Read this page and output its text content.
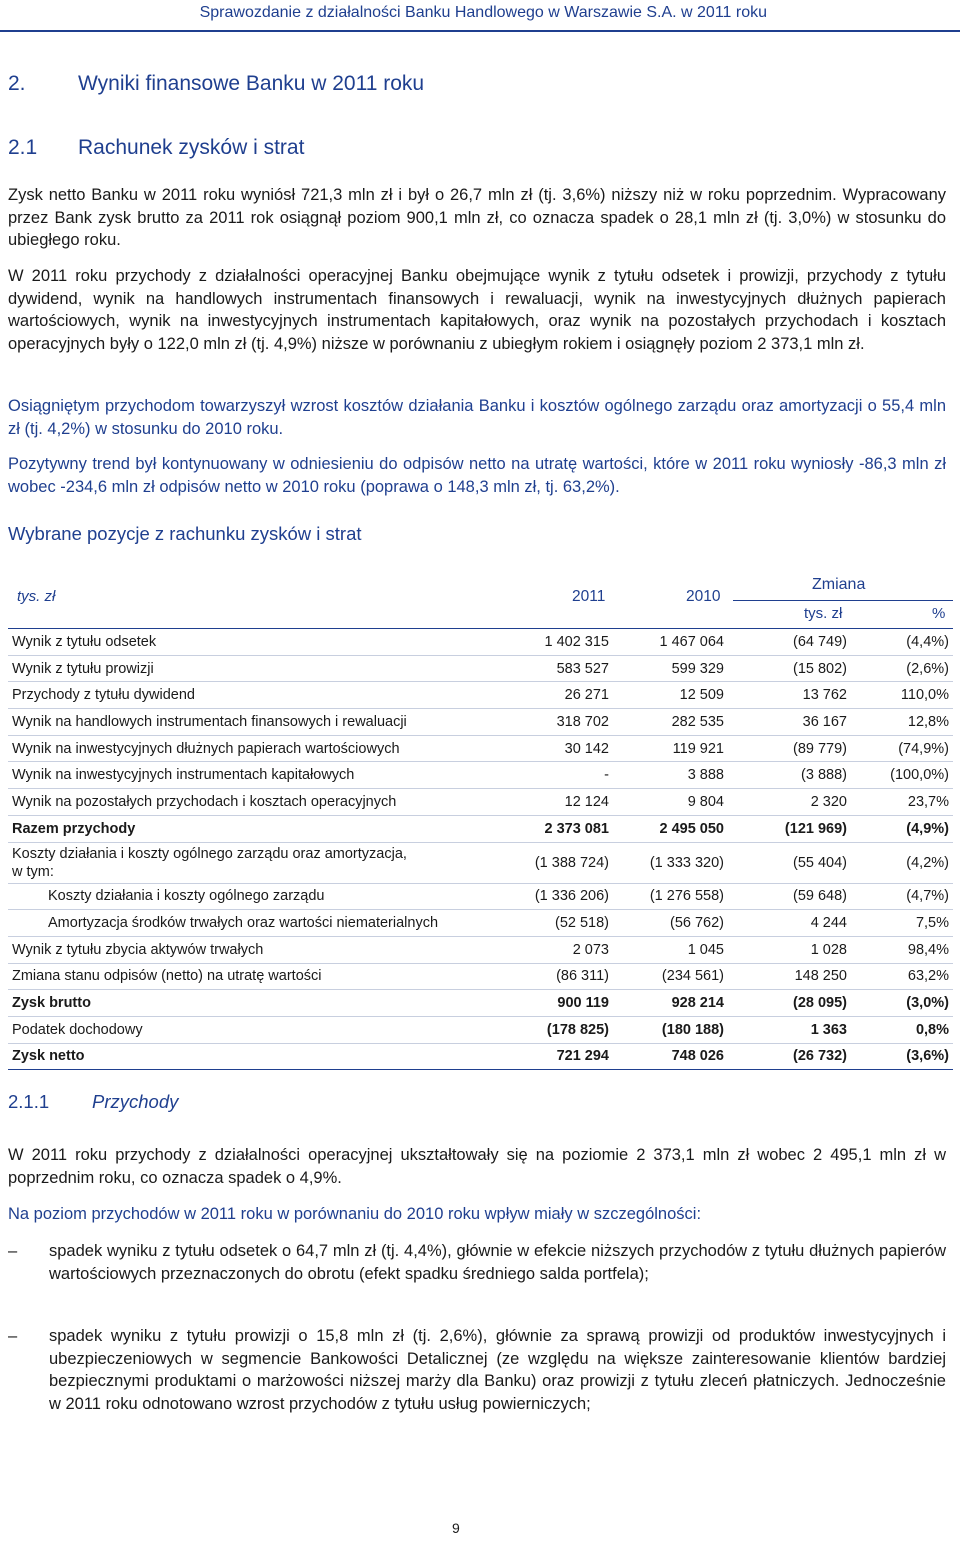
Sprawozdanie z działalności Banku Handlowego w Warszawie S.A. w 2011 roku
2. Wyniki finansowe Banku w 2011 roku
2.1 Rachunek zysków i strat

Zysk netto Banku w 2011 roku wyniósł 721,3 mln zł i był o 26,7 mln zł (tj. 3,6%) niższy niż w roku poprzednim. Wypracowany przez Bank zysk brutto za 2011 rok osiągnął poziom 900,1 mln zł, co oznacza spadek o 28,1 mln zł (tj. 3,0%) w stosunku do ubiegłego roku.

W 2011 roku przychody z działalności operacyjnej Banku obejmujące wynik z tytułu odsetek i prowizji, przychody z tytułu dywidend, wynik na handlowych instrumentach finansowych i rewaluacji, wynik na inwestycyjnych dłużnych papierach wartościowych, wynik na inwestycyjnych instrumentach kapitałowych, oraz wynik na pozostałych przychodach i kosztach operacyjnych były o 122,0 mln zł (tj. 4,9%) niższe w porównaniu z ubiegłym rokiem i osiągnęły poziom 2 373,1 mln zł.

Osiągniętym przychodom towarzyszył wzrost kosztów działania Banku i kosztów ogólnego zarządu oraz amortyzacji o 55,4 mln zł (tj. 4,2%) w stosunku do 2010 roku.

Pozytywny trend był kontynuowany w odniesieniu do odpisów netto na utratę wartości, które w 2011 roku wyniosły -86,3 mln zł wobec -234,6 mln zł odpisów netto w 2010 roku (poprawa o 148,3 mln zł, tj. 63,2%).

Wybrane pozycje z rachunku zysków i strat
tys. zł	2011	2010
Zmiana
tys. zł	%
Wynik z tytułu odsetek	1 402 315	1 467 064	(64 749)	(4,4%)
Wynik z tytułu prowizji	583 527	599 329	(15 802)	(2,6%)
Przychody z tytułu dywidend	26 271	12 509	13 762	110,0%
Wynik na handlowych instrumentach finansowych i rewaluacji	318 702	282 535	36 167	12,8%
Wynik na inwestycyjnych dłużnych papierach wartościowych	30 142	119 921	(89 779)	(74,9%)
Wynik na inwestycyjnych instrumentach kapitałowych	-	3 888	(3 888)	(100,0%)
Wynik na pozostałych przychodach i kosztach operacyjnych	12 124	9 804	2 320	23,7%
Razem przychody	2 373 081	2 495 050	(121 969)	(4,9%)

Koszty działania i koszty ogólnego zarządu oraz amortyzacja,
w tym:	(1 388 724)	(1 333 320)	(55 404)	(4,2%)
Koszty działania i koszty ogólnego zarządu	(1 336 206)	(1 276 558)	(59 648)	(4,7%)
Amortyzacja środków trwałych oraz wartości niematerialnych	(52 518)	(56 762)	4 244	7,5%
Wynik z tytułu zbycia aktywów trwałych	2 073	1 045	1 028	98,4%
Zmiana stanu odpisów (netto) na utratę wartości	(86 311)	(234 561)	148 250	63,2%
Zysk brutto	900 119	928 214	(28 095)	(3,0%)
Podatek dochodowy	(178 825)	(180 188)	1 363	0,8%
Zysk netto	721 294	748 026	(26 732)	(3,6%)
2.1.1 Przychody

W 2011 roku przychody z działalności operacyjnej ukształtowały się na poziomie 2 373,1 mln zł wobec 2 495,1 mln zł w poprzednim roku, co oznacza spadek o 4,9%.

Na poziom przychodów w 2011 roku w porównaniu do 2010 roku wpływ miały w szczególności:

– spadek wyniku z tytułu odsetek o 64,7 mln zł (tj. 4,4%), głównie w efekcie niższych przychodów z tytułu dłużnych papierów wartościowych przeznaczonych do obrotu (efekt spadku średniego salda portfela);
– spadek wyniku z tytułu prowizji o 15,8 mln zł (tj. 2,6%), głównie za sprawą prowizji od produktów inwestycyjnych i ubezpieczeniowych w segmencie Bankowości Detalicznej (ze względu na większe zainteresowanie klientów bardziej bezpiecznymi produktami o marżowości niższej marży dla Banku) oraz prowizji z tytułu zleceń płatniczych. Jednocześnie w 2011 roku odnotowano wzrost przychodów z tytułu usług powierniczych;
9
